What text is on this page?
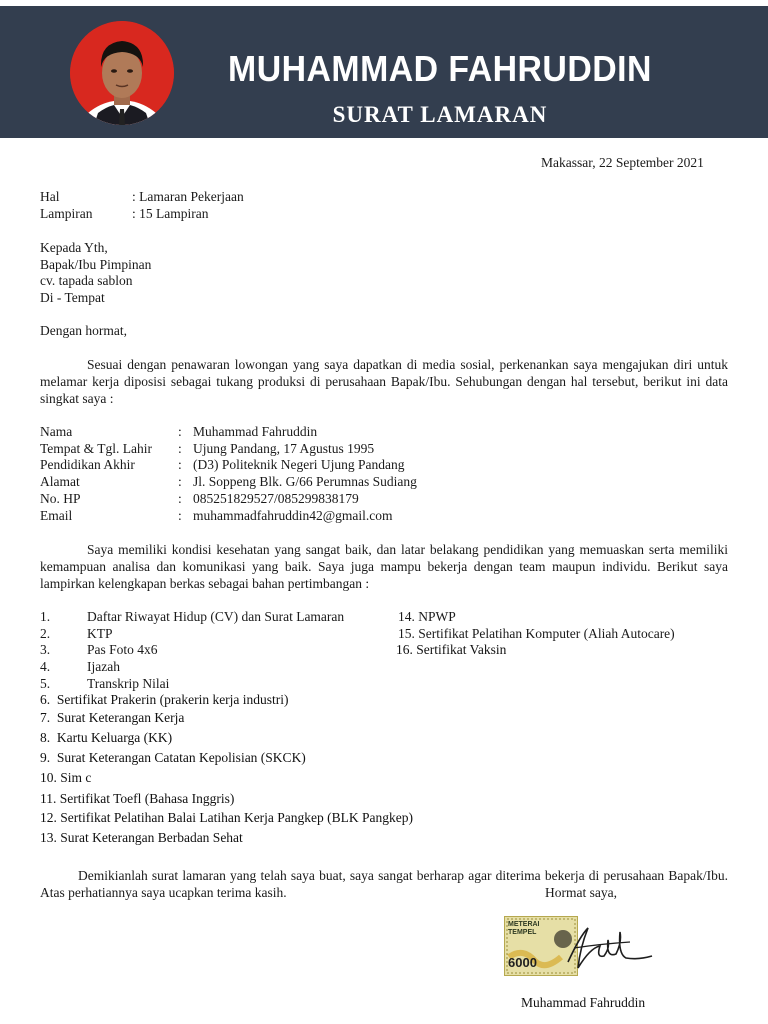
MUHAMMAD FAHRUDDIN
SURAT LAMARAN
Makassar, 22 September 2021
Hal	: Lamaran Pekerjaan
Lampiran	: 15 Lampiran
Kepada Yth,
Bapak/Ibu Pimpinan
cv. tapada sablon
Di - Tempat
Dengan hormat,
Sesuai dengan penawaran lowongan yang saya dapatkan di media sosial, perkenankan saya mengajukan diri untuk melamar kerja diposisi sebagai tukang produksi di perusahaan Bapak/Ibu. Sehubungan dengan hal tersebut, berikut ini data singkat saya :
Nama	: Muhammad Fahruddin
Tempat & Tgl. Lahir : Ujung Pandang, 17 Agustus 1995
Pendidikan Akhir	: (D3) Politeknik Negeri Ujung Pandang
Alamat	: Jl. Soppeng Blk. G/66 Perumnas Sudiang
No. HP	: 085251829527/085299838179
Email	: muhammadfahruddin42@gmail.com
Saya memiliki kondisi kesehatan yang sangat baik, dan latar belakang pendidikan yang memuaskan serta memiliki kemampuan analisa dan komunikasi yang baik. Saya juga mampu bekerja dengan team maupun individu. Berikut saya lampirkan kelengkapan berkas sebagai bahan pertimbangan :
1.	Daftar Riwayat Hidup (CV) dan Surat Lamaran
2.	KTP
3.	Pas Foto 4x6
4.	Ijazah
5.	Transkrip Nilai
14. NPWP
15. Sertifikat Pelatihan Komputer (Aliah Autocare)
16. Sertifikat Vaksin
6.  Sertifikat Prakerin (prakerin kerja industri)
7.  Surat Keterangan Kerja
8.  Kartu Keluarga (KK)
9.  Surat Keterangan Catatan Kepolisian (SKCK)
10. Sim c
11. Sertifikat Toefl (Bahasa Inggris)
12. Sertifikat Pelatihan Balai Latihan Kerja Pangkep (BLK Pangkep)
13. Surat Keterangan Berbadan Sehat
Demikianlah surat lamaran yang telah saya buat, saya sangat berharap agar diterima bekerja di perusahaan Bapak/Ibu. Atas perhatiannya saya ucapkan terima kasih.	Hormat saya,
METERAI TEMPEL
6000
Muhammad Fahruddin
